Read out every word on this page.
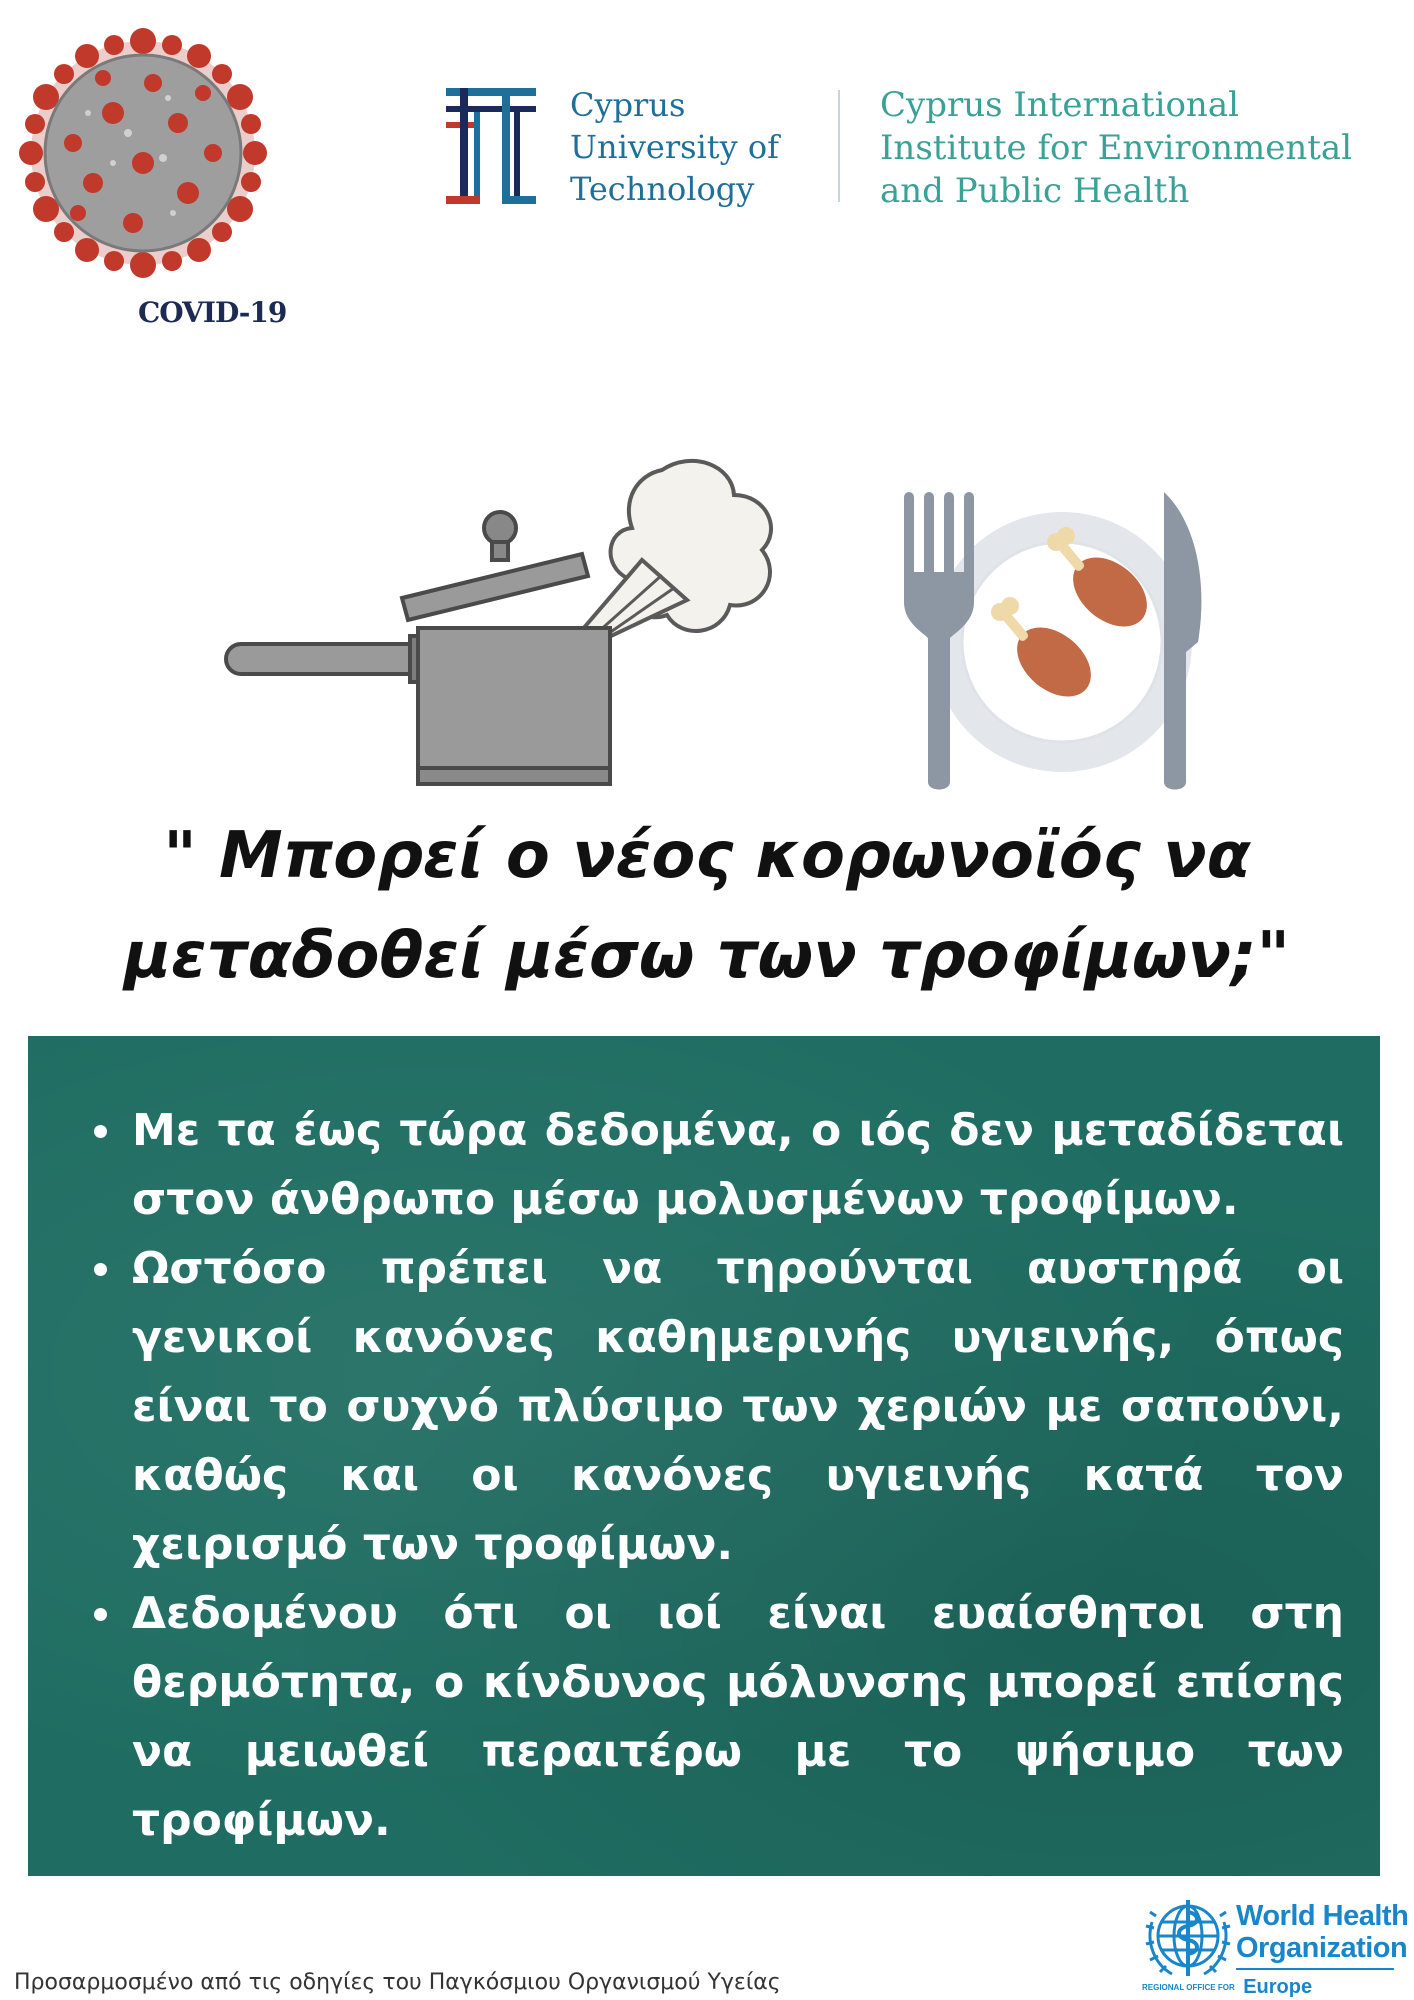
COVID-19
Cyprus
University of
Technology
Cyprus International
Institute for Environmental
and Public Health
" Μπορεί ο νέος κορωνοϊός να μεταδοθεί μέσω των τροφίμων;"
Με τα έως τώρα δεδομένα, ο ιός δεν μεταδίδεται στον άνθρωπο μέσω μολυσμένων τροφίμων.
Ωστόσο πρέπει να τηρούνται αυστηρά οι γενικοί κανόνες καθημερινής υγιεινής, όπως είναι το συχνό πλύσιμο των χεριών με σαπούνι, καθώς και οι κανόνες υγιεινής κατά τον χειρισμό των τροφίμων.
Δεδομένου ότι οι ιοί είναι ευαίσθητοι στη θερμότητα, ο κίνδυνος μόλυνσης μπορεί επίσης να μειωθεί περαιτέρω με το ψήσιμο των τροφίμων.
Προσαρμοσμένο από τις οδηγίες του Παγκόσμιου Οργανισμού Υγείας
World Health
Organization
REGIONAL OFFICE FOR Europe
